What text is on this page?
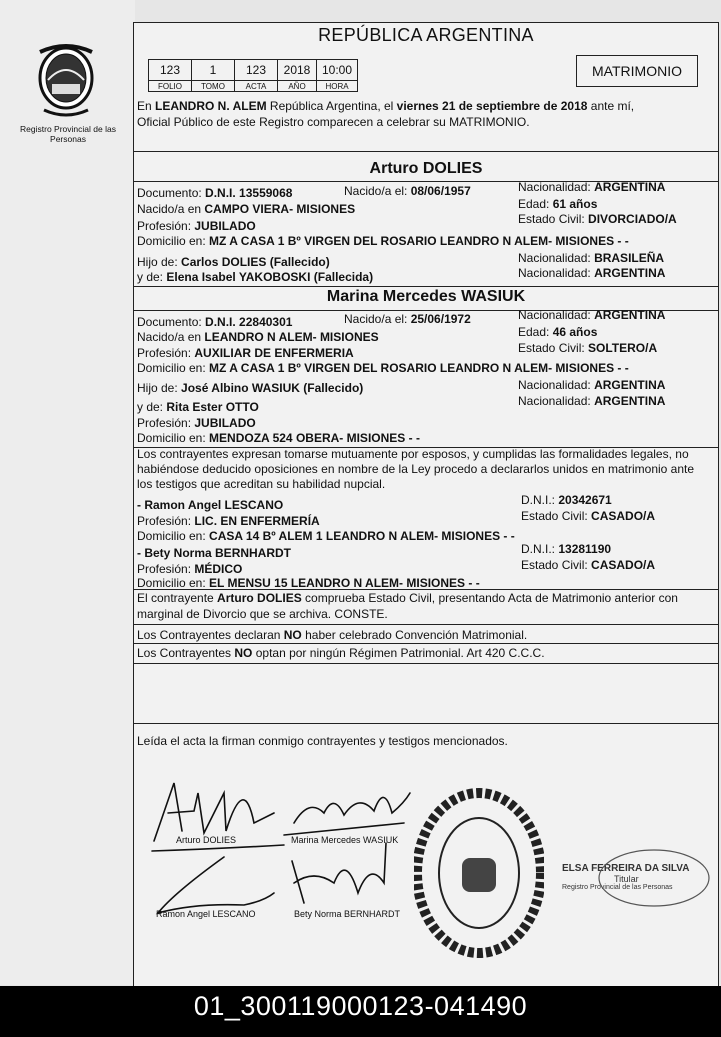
Registro Provincial de las Personas
REPÚBLICA ARGENTINA
123	1	123	2018	10:00
FOLIO	TOMO	ACTA	AÑO	HORA
MATRIMONIO
En LEANDRO N. ALEM República Argentina, el viernes 21 de septiembre de 2018 ante mí,
Oficial Público de este Registro comparecen a celebrar su MATRIMONIO.
Arturo DOLIES
Documento: D.N.I. 13559068	Nacido/a el: 08/06/1957	Nacionalidad: ARGENTINA
Nacido/a en CAMPO VIERA- MISIONES	Edad: 61 años
Profesión: JUBILADO	Estado Civil: DIVORCIADO/A
Domicilio en: MZ A CASA 1 Bº VIRGEN DEL ROSARIO LEANDRO N ALEM- MISIONES - -
Hijo de: Carlos DOLIES (Fallecido)	Nacionalidad: BRASILEÑA
y de: Elena Isabel YAKOBOSKI (Fallecida)	Nacionalidad: ARGENTINA
Marina Mercedes WASIUK
Documento: D.N.I. 22840301	Nacido/a el: 25/06/1972	Nacionalidad: ARGENTINA
Nacido/a en LEANDRO N ALEM- MISIONES	Edad: 46 años
Profesión: AUXILIAR DE ENFERMERIA	Estado Civil: SOLTERO/A
Domicilio en: MZ A CASA 1 Bº VIRGEN DEL ROSARIO LEANDRO N ALEM- MISIONES - -
Hijo de: José Albino WASIUK (Fallecido)	Nacionalidad: ARGENTINA
y de: Rita Ester OTTO	Nacionalidad: ARGENTINA
Profesión: JUBILADO
Domicilio en: MENDOZA 524 OBERA- MISIONES - -
Los contrayentes expresan tomarse mutuamente por esposos, y cumplidas las formalidades legales, no
habiéndose deducido oposiciones en nombre de la Ley procedo a declararlos unidos en matrimonio ante
los testigos que acreditan su habilidad nupcial.
- Ramon Angel LESCANO	D.N.I.: 20342671
Profesión: LIC. EN ENFERMERÍA	Estado Civil: CASADO/A
Domicilio en: CASA 14 Bº ALEM 1 LEANDRO N ALEM- MISIONES - -
- Bety Norma BERNHARDT	D.N.I.: 13281190
Profesión: MÉDICO	Estado Civil: CASADO/A
Domicilio en: EL MENSU 15 LEANDRO N ALEM- MISIONES - -
El contrayente Arturo DOLIES comprueba Estado Civil, presentando Acta de Matrimonio anterior con
marginal de Divorcio que se archiva. CONSTE.
Los Contrayentes declaran NO haber celebrado Convención Matrimonial.
Los Contrayentes NO optan por ningún Régimen Patrimonial. Art 420 C.C.C.
Leída el acta la firman conmigo contrayentes y testigos mencionados.
Arturo DOLIES	Marina Mercedes WASIUK
Ramon Angel LESCANO	Bety Norma BERNHARDT
ELSA FERREIRA DA SILVA
Titular
Registro Provincial de las Personas
01_300119000123-041490
